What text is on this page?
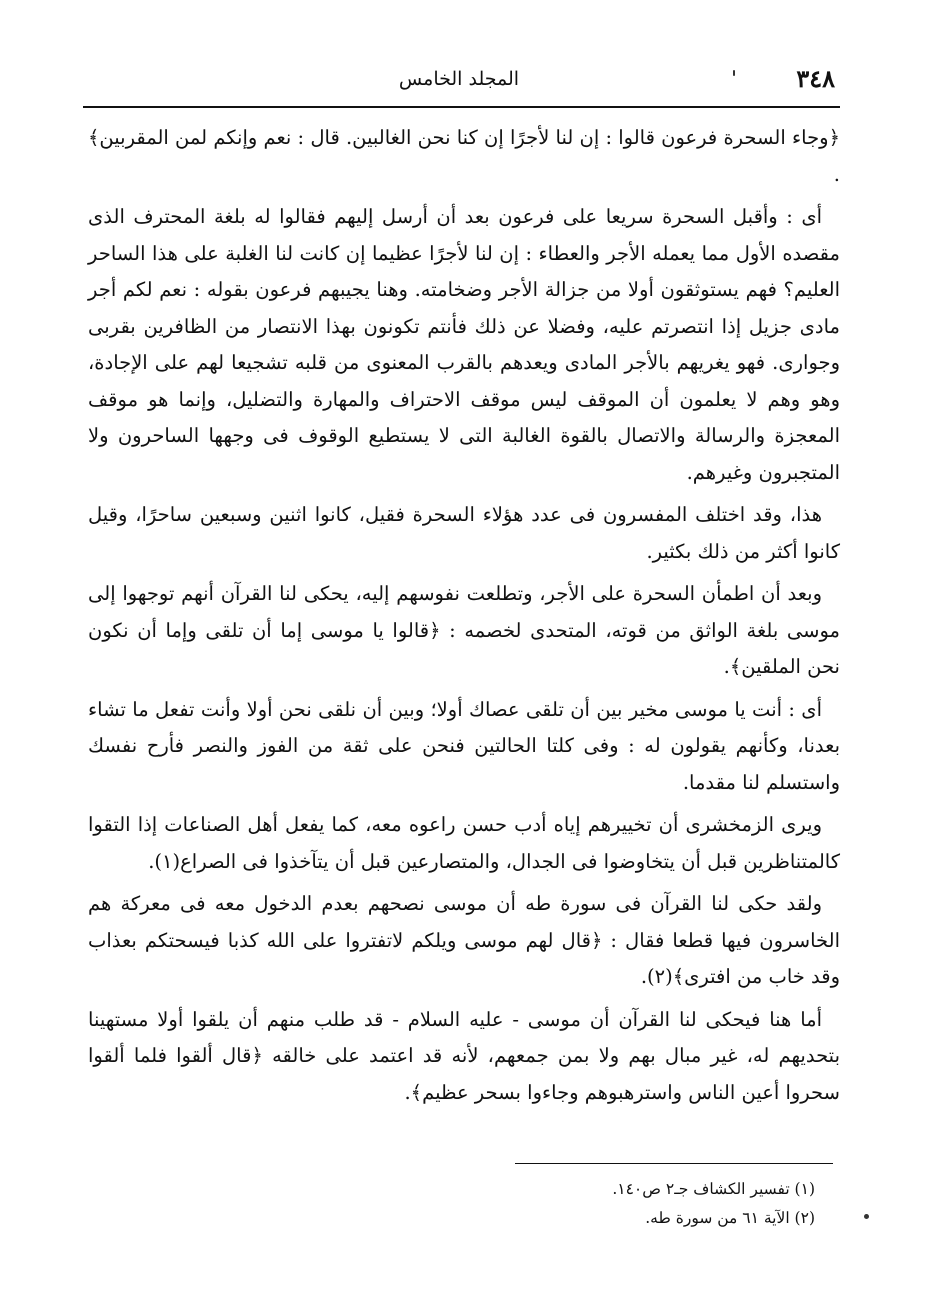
٣٤٨
المجلد الخامس

﴿وجاء السحرة فرعون قالوا : إن لنا لأجرًا إن كنا نحن الغالبين. قال : نعم وإنكم لمن المقربين﴾ .

أى : وأقبل السحرة سريعا على فرعون بعد أن أرسل إليهم فقالوا له بلغة المحترف الذى مقصده الأول مما يعمله الأجر والعطاء : إن لنا لأجرًا عظيما إن كانت لنا الغلبة على هذا الساحر العليم؟ فهم يستوثقون أولا من جزالة الأجر وضخامته. وهنا يجيبهم فرعون بقوله : نعم لكم أجر مادى جزيل إذا انتصرتم عليه، وفضلا عن ذلك فأنتم تكونون بهذا الانتصار من الظافرين بقربى وجوارى. فهو يغريهم بالأجر المادى ويعدهم بالقرب المعنوى من قلبه تشجيعا لهم على الإجادة، وهو وهم لا يعلمون أن الموقف ليس موقف الاحتراف والمهارة والتضليل، وإنما هو موقف المعجزة والرسالة والاتصال بالقوة الغالبة التى لا يستطيع الوقوف فى وجهها الساحرون ولا المتجبرون وغيرهم.

هذا، وقد اختلف المفسرون فى عدد هؤلاء السحرة فقيل، كانوا اثنين وسبعين ساحرًا، وقيل كانوا أكثر من ذلك بكثير.

وبعد أن اطمأن السحرة على الأجر، وتطلعت نفوسهم إليه، يحكى لنا القرآن أنهم توجهوا إلى موسى بلغة الواثق من قوته، المتحدى لخصمه : ﴿قالوا يا موسى إما أن تلقى وإما أن نكون نحن الملقين﴾.

أى : أنت يا موسى مخير بين أن تلقى عصاك أولا؛ وبين أن نلقى نحن أولا وأنت تفعل ما تشاء بعدنا، وكأنهم يقولون له : وفى كلتا الحالتين فنحن على ثقة من الفوز والنصر فأرح نفسك واستسلم لنا مقدما.

ويرى الزمخشرى أن تخييرهم إياه أدب حسن راعوه معه، كما يفعل أهل الصناعات إذا التقوا كالمتناظرين قبل أن يتخاوضوا فى الجدال، والمتصارعين قبل أن يتآخذوا فى الصراع(١).

ولقد حكى لنا القرآن فى سورة طه أن موسى نصحهم بعدم الدخول معه فى معركة هم الخاسرون فيها قطعا فقال : ﴿قال لهم موسى ويلكم لاتفتروا على الله كذبا فيسحتكم بعذاب وقد خاب من افترى﴾(٢).

أما هنا فيحكى لنا القرآن أن موسى - عليه السلام - قد طلب منهم أن يلقوا أولا مستهينا بتحديهم له، غير مبال بهم ولا بمن جمعهم، لأنه قد اعتمد على خالقه ﴿قال ألقوا فلما ألقوا سحروا أعين الناس واسترهبوهم وجاءوا بسحر عظيم﴾.

(١) تفسير الكشاف جـ٢ ص١٤٠.

(٢) الآية ٦١ من سورة طه.
